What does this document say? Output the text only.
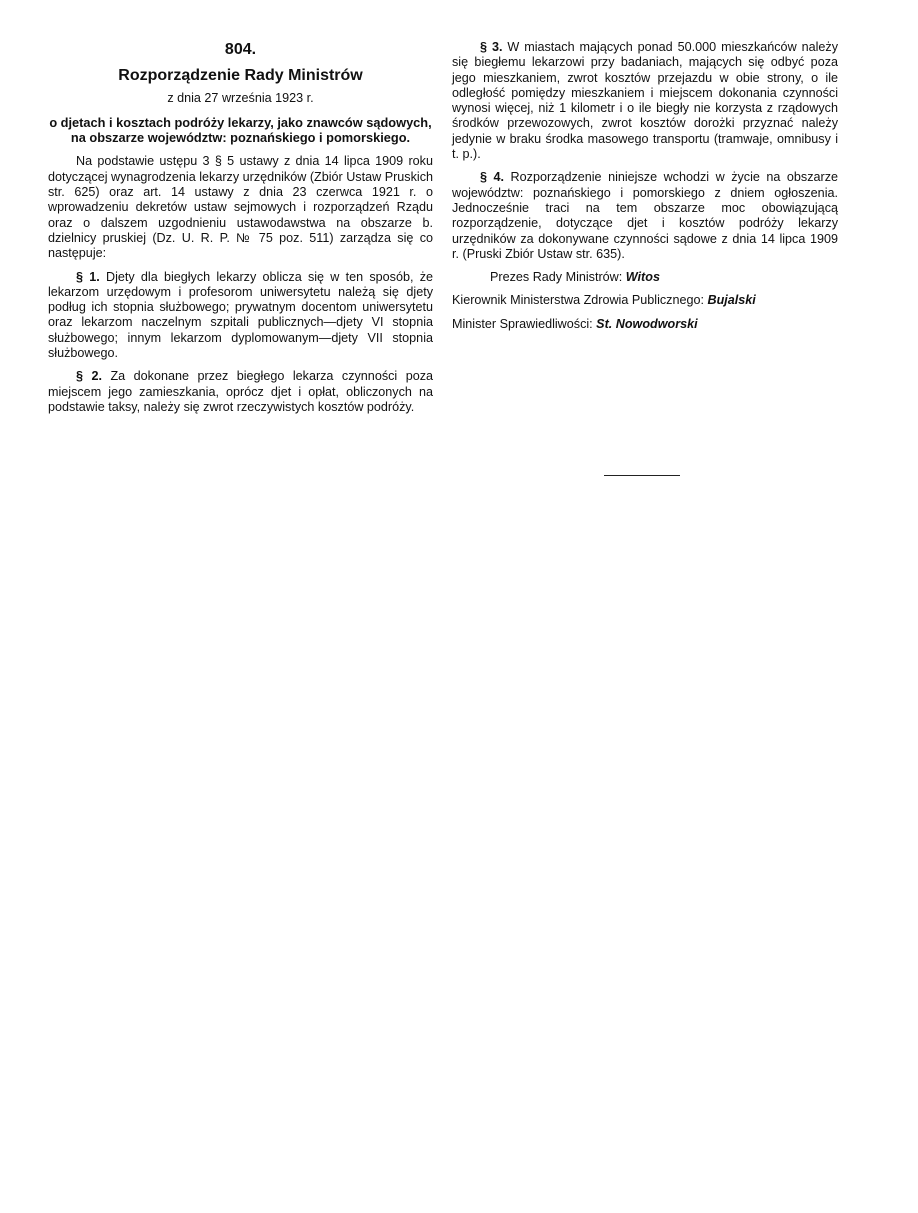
804.
Rozporządzenie Rady Ministrów
z dnia 27 września 1923 r.
o djetach i kosztach podróży lekarzy, jako znawców sądowych, na obszarze województw: poznańskiego i pomorskiego.

Na podstawie ustępu 3 § 5 ustawy z dnia 14 lipca 1909 roku dotyczącej wynagrodzenia lekarzy urzędników (Zbiór Ustaw Pruskich str. 625) oraz art. 14 ustawy z dnia 23 czerwca 1921 r. o wprowadzeniu dekretów ustaw sejmowych i rozporządzeń Rządu oraz o dalszem uzgodnieniu ustawodawstwa na obszarze b. dzielnicy pruskiej (Dz. U. R. P. № 75 poz. 511) zarządza się co następuje:

§ 1. Djety dla biegłych lekarzy oblicza się w ten sposób, że lekarzom urzędowym i profesorom uniwersytetu należą się djety podług ich stopnia służbowego; prywatnym docentom uniwersytetu oraz lekarzom naczelnym szpitali publicznych—djety VI stopnia służbowego; innym lekarzom dyplomowanym—djety VII stopnia służbowego.

§ 2. Za dokonane przez biegłego lekarza czynności poza miejscem jego zamieszkania, oprócz djet i opłat, obliczonych na podstawie taksy, należy się zwrot rzeczywistych kosztów podróży.

§ 3. W miastach mających ponad 50.000 mieszkańców należy się biegłemu lekarzowi przy badaniach, mających się odbyć poza jego mieszkaniem, zwrot kosztów przejazdu w obie strony, o ile odległość pomiędzy mieszkaniem i miejscem dokonania czynności wynosi więcej, niż 1 kilometr i o ile biegły nie korzysta z rządowych środków przewozowych, zwrot kosztów dorożki przyznać należy jedynie w braku środka masowego transportu (tramwaje, omnibusy i t. p.).

§ 4. Rozporządzenie niniejsze wchodzi w życie na obszarze województw: poznańskiego i pomorskiego z dniem ogłoszenia. Jednocześnie traci na tem obszarze moc obowiązującą rozporządzenie, dotyczące djet i kosztów podróży lekarzy urzędników za dokonywane czynności sądowe z dnia 14 lipca 1909 r. (Pruski Zbiór Ustaw str. 635).

Prezes Rady Ministrów: Witos
Kierownik Ministerstwa Zdrowia Publicznego: Bujalski
Minister Sprawiedliwości: St. Nowodworski
